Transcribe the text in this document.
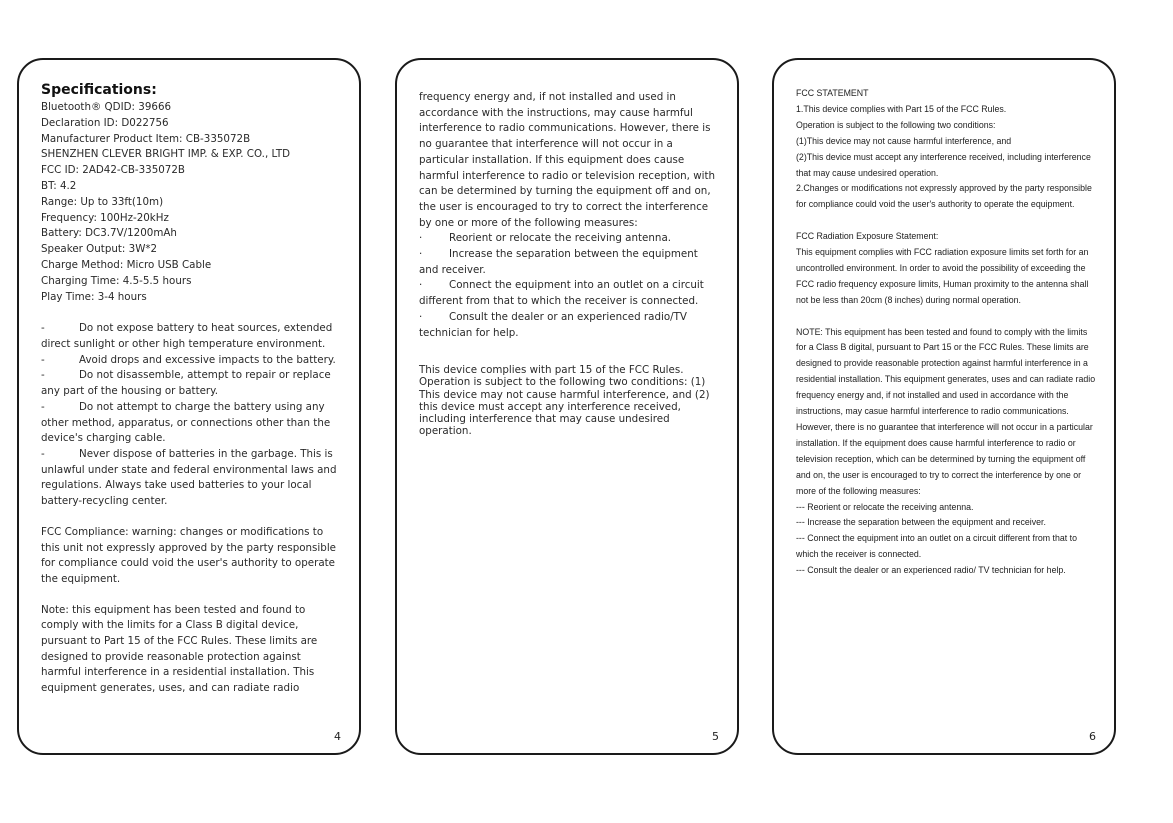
Specifications:
Bluetooth® QDID: 39666
Declaration ID: D022756
Manufacturer Product Item: CB-335072B
SHENZHEN CLEVER BRIGHT IMP. & EXP. CO., LTD
FCC ID: 2AD42-CB-335072B
BT: 4.2
Range: Up to 33ft(10m)
Frequency: 100Hz-20kHz
Battery: DC3.7V/1200mAh
Speaker Output: 3W*2
Charge Method: Micro USB Cable
Charging Time: 4.5-5.5 hours
Play Time: 3-4 hours
-	Do not expose battery to heat sources, extended direct sunlight or other high temperature environment.
-	Avoid drops and excessive impacts to the battery.
-	Do not disassemble, attempt to repair or replace any part of the housing or battery.
-	Do not attempt to charge the battery using any other method, apparatus, or connections other than the device's charging cable.
-	Never dispose of batteries in the garbage. This is unlawful under state and federal environmental laws and regulations. Always take used batteries to your local battery-recycling center.

FCC Compliance: warning: changes or modifications to this unit not expressly approved by the party responsible for compliance could void the user's authority to operate the equipment.

Note: this equipment has been tested and found to comply with the limits for a Class B digital device, pursuant to Part 15 of the FCC Rules. These limits are designed to provide reasonable protection against harmful interference in a residential installation. This equipment generates, uses, and can radiate radio

4

frequency energy and, if not installed and used in accordance with the instructions, may cause harmful interference to radio communications. However, there is no guarantee that interference will not occur in a particular installation. If this equipment does cause harmful interference to radio or television reception, with can be determined by turning the equipment off and on, the user is encouraged to try to correct the interference by one or more of the following measures:

·	Reorient or relocate the receiving antenna.
·	Increase the separation between the equipment and receiver.
·	Connect the equipment into an outlet on a circuit different from that to which the receiver is connected.
·	Consult the dealer or an experienced radio/TV technician for help.

This device complies with part 15 of the FCC Rules. Operation is subject to the following two conditions: (1) This device may not cause harmful interference, and (2) this device must accept any interference received, including interference that may cause undesired operation.

5

FCC STATEMENT

1.This device complies with Part 15 of the FCC Rules.

Operation is subject to the following two conditions:

(1)This device may not cause harmful interference, and

(2)This device must accept any interference received, including interference that may cause undesired operation.

2.Changes or modifications not expressly approved by the party responsible for compliance could void the user's authority to operate the equipment.

FCC Radiation Exposure Statement:

This equipment complies with FCC radiation exposure limits set forth for an uncontrolled environment. In order to avoid the possibility of exceeding the FCC radio frequency exposure limits, Human proximity to the antenna shall not be less than 20cm (8 inches) during normal operation.

NOTE: This equipment has been tested and found to comply with the limits for a Class B digital, pursuant to Part 15 or the FCC Rules. These limits are designed to provide reasonable protection against harmful interference in a residential installation. This equipment generates, uses and can radiate radio frequency energy and, if not installed and used in accordance with the instructions, may casue harmful interference to radio communications. However, there is no guarantee that interference will not occur in a particular installation. If the equipment does cause harmful interference to radio or television reception, which can be determined by turning the equipment off and on, the user is encouraged to try to correct the interference by one or more of the following measures:

--- Reorient or relocate the receiving antenna.

--- Increase the separation between the equipment and receiver.

--- Connect the equipment into an outlet on a circuit different from that to which the receiver is connected.

--- Consult the dealer or an experienced radio/ TV technician for help.

6
